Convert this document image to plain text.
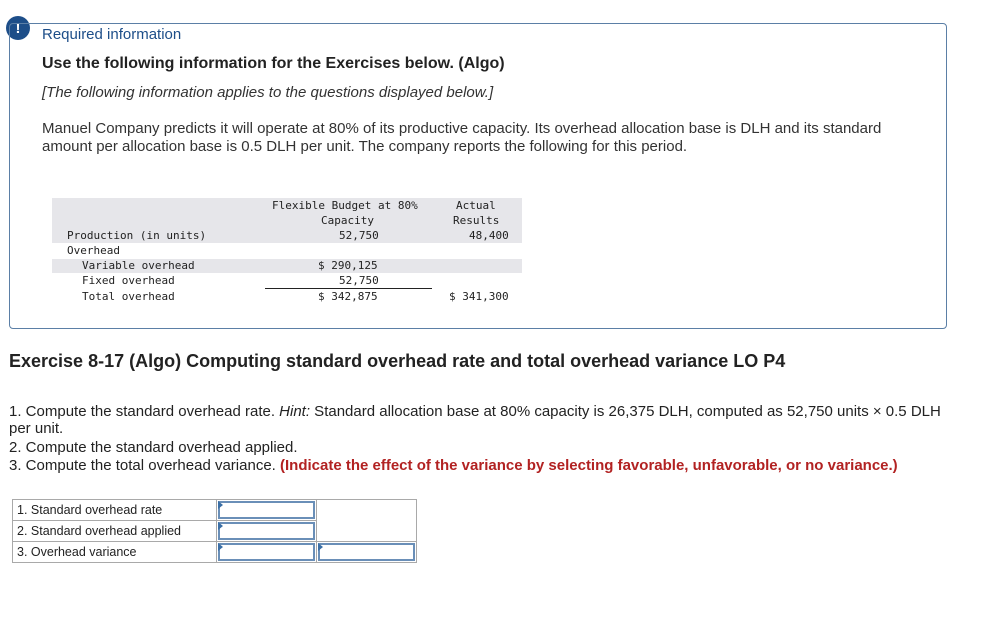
!	Required information
Use the following information for the Exercises below. (Algo)
[The following information applies to the questions displayed below.]
Manuel Company predicts it will operate at 80% of its productive capacity. Its overhead allocation base is DLH and its standard amount per allocation base is 0.5 DLH per unit. The company reports the following for this period.
Flexible Budget at 80%
Capacity
Actual
Results
Production (in units)	52,750	48,400
Overhead
Variable overhead	$ 290,125
Fixed overhead	52,750
Total overhead	$ 342,875	$ 341,300
Exercise 8-17 (Algo) Computing standard overhead rate and total overhead variance LO P4
1. Compute the standard overhead rate. Hint: Standard allocation base at 80% capacity is 26,375 DLH, computed as 52,750 units × 0.5 DLH per unit.
2. Compute the standard overhead applied.
3. Compute the total overhead variance. (Indicate the effect of the variance by selecting favorable, unfavorable, or no variance.)
1. Standard overhead rate	

2. Standard overhead applied		

3. Overhead variance	
